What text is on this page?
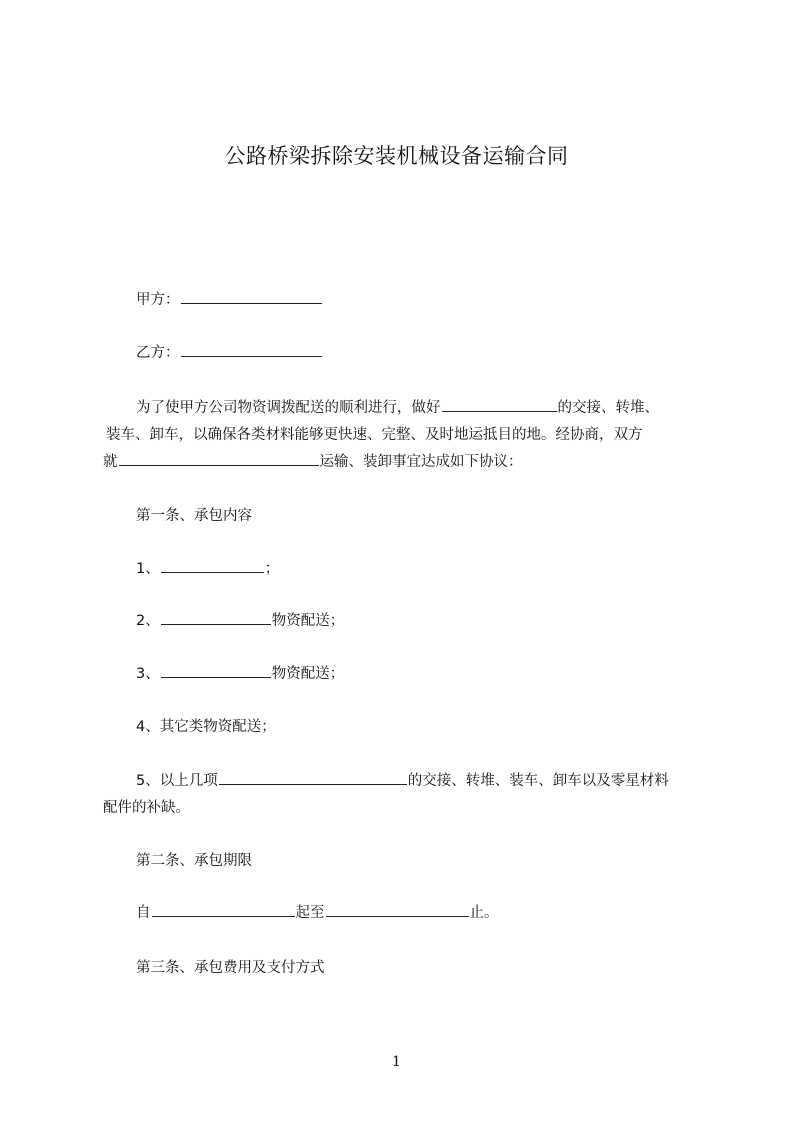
公路桥梁拆除安装机械设备运输合同
甲方：
乙方：
为了使甲方公司物资调拨配送的顺利进行，做好	的交接、转堆、
装车、卸车，以确保各类材料能够更快速、完整、及时地运抵目的地。经协商，双方
就	运输、装卸事宜达成如下协议：
第一条、承包内容
1、	；
2、	物资配送；
3、	物资配送；
4、其它类物资配送；
5、以上几项	的交接、转堆、装车、卸车以及零星材料
配件的补缺。
第二条、承包期限
自	起至	止。
第三条、承包费用及支付方式
1
